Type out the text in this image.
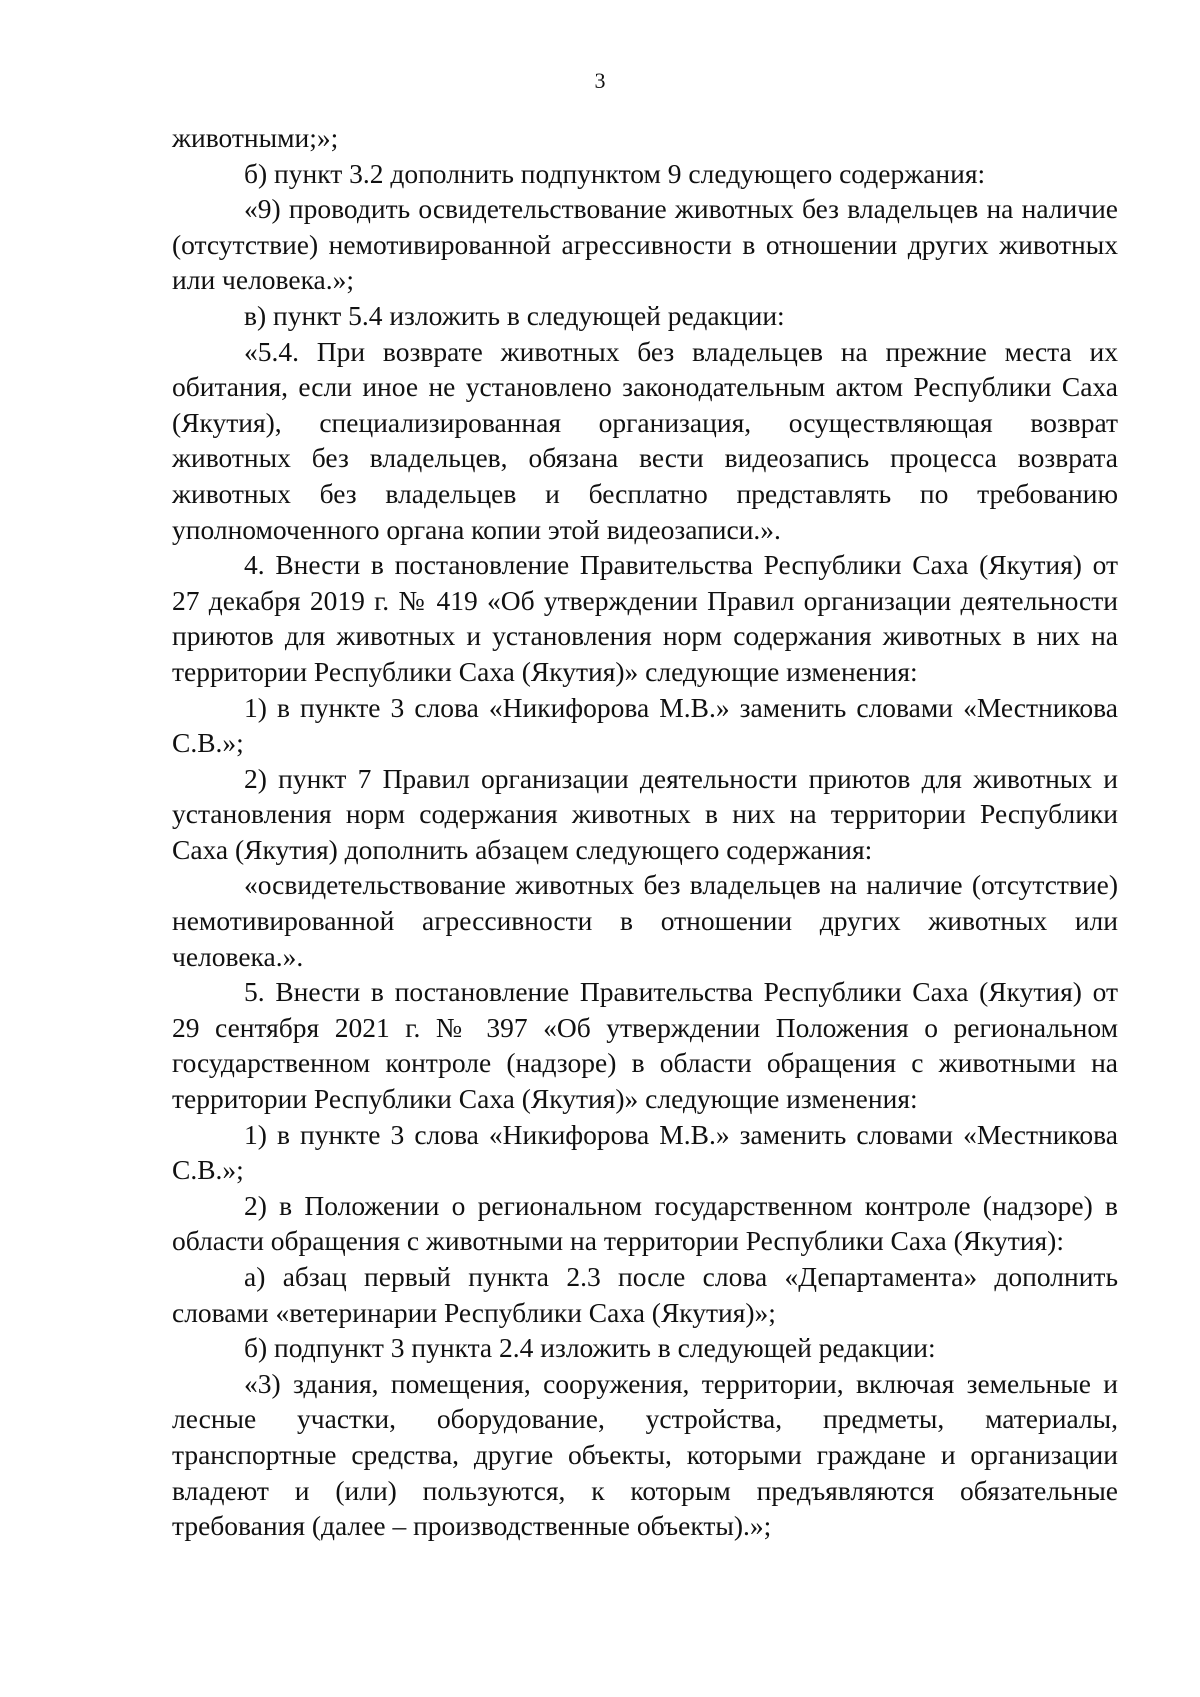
3

животными;»;

б) пункт 3.2 дополнить подпунктом 9 следующего содержания:

«9) проводить освидетельствование животных без владельцев на наличие (отсутствие) немотивированной агрессивности в отношении других животных или человека.»;

в) пункт 5.4 изложить в следующей редакции:

«5.4. При возврате животных без владельцев на прежние места их обитания, если иное не установлено законодательным актом Республики Саха (Якутия), специализированная организация, осуществляющая возврат животных без владельцев, обязана вести видеозапись процесса возврата животных без владельцев и бесплатно представлять по требованию уполномоченного органа копии этой видеозаписи.».

4. Внести в постановление Правительства Республики Саха (Якутия) от 27 декабря 2019 г. № 419 «Об утверждении Правил организации деятельности приютов для животных и установления норм содержания животных в них на территории Республики Саха (Якутия)» следующие изменения:

1) в пункте 3 слова «Никифорова М.В.» заменить словами «Местникова С.В.»;

2) пункт 7 Правил организации деятельности приютов для животных и установления норм содержания животных в них на территории Республики Саха (Якутия) дополнить абзацем следующего содержания:

«освидетельствование животных без владельцев на наличие (отсутствие) немотивированной агрессивности в отношении других животных или человека.».

5. Внести в постановление Правительства Республики Саха (Якутия) от 29 сентября 2021 г. № 397 «Об утверждении Положения о региональном государственном контроле (надзоре) в области обращения с животными на территории Республики Саха (Якутия)» следующие изменения:

1) в пункте 3 слова «Никифорова М.В.» заменить словами «Местникова С.В.»;

2) в Положении о региональном государственном контроле (надзоре) в области обращения с животными на территории Республики Саха (Якутия):

а) абзац первый пункта 2.3 после слова «Департамента» дополнить словами «ветеринарии Республики Саха (Якутия)»;

б) подпункт 3 пункта 2.4 изложить в следующей редакции:

«3) здания, помещения, сооружения, территории, включая земельные и лесные участки, оборудование, устройства, предметы, материалы, транспортные средства, другие объекты, которыми граждане и организации владеют и (или) пользуются, к которым предъявляются обязательные требования (далее – производственные объекты).»;
